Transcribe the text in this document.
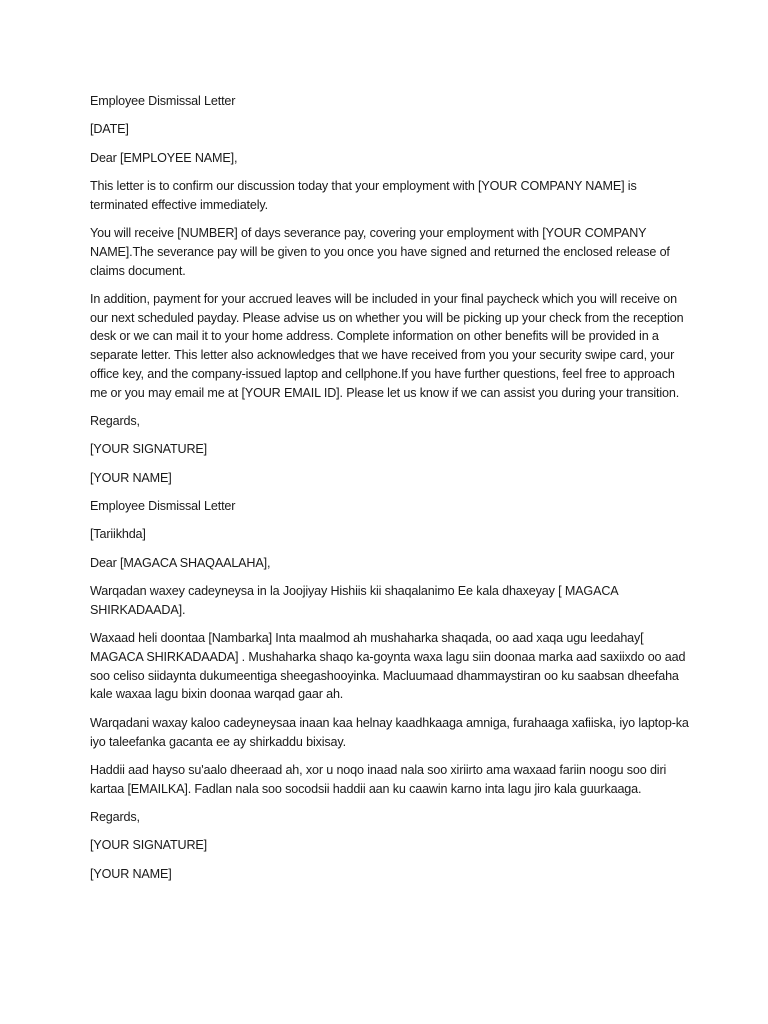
Employee Dismissal Letter

[DATE]

Dear [EMPLOYEE NAME],

This letter is to confirm our discussion today that your employment with [YOUR COMPANY NAME] is terminated effective immediately.

You will receive [NUMBER] of days severance pay, covering your employment with [YOUR COMPANY NAME].The severance pay will be given to you once you have signed and returned the enclosed release of claims document.

In addition, payment for your accrued leaves will be included in your final paycheck which you will receive on our next scheduled payday. Please advise us on whether you will be picking up your check from the reception desk or we can mail it to your home address. Complete information on other benefits will be provided in a separate letter. This letter also acknowledges that we have received from you your security swipe card, your office key, and the company-issued laptop and cellphone.If you have further questions, feel free to approach me or you may email me at [YOUR EMAIL ID]. Please let us know if we can assist you during your transition.

Regards,

[YOUR SIGNATURE]

[YOUR NAME]

Employee Dismissal Letter

[Tariikhda]

Dear [MAGACA SHAQAALAHA],

Warqadan waxey cadeyneysa in la Joojiyay Hishiis kii shaqalanimo Ee kala dhaxeyay [ MAGACA SHIRKADAADA].

Waxaad heli doontaa [Nambarka] Inta maalmod ah mushaharka shaqada, oo aad xaqa ugu leedahay[ MAGACA SHIRKADAADA] . Mushaharka shaqo ka-goynta waxa lagu siin doonaa marka aad saxiixdo oo aad soo celiso siidaynta dukumeentiga sheegashooyinka. Macluumaad dhammaystiran oo ku saabsan dheefaha kale waxaa lagu bixin doonaa warqad gaar ah.

Warqadani waxay kaloo cadeyneysaa inaan kaa helnay kaadhkaaga amniga, furahaaga xafiiska, iyo laptop-ka iyo taleefanka gacanta ee ay shirkaddu bixisay.

Haddii aad hayso su'aalo dheeraad ah, xor u noqo inaad nala soo xiriirto ama waxaad fariin noogu soo diri kartaa [EMAILKA]. Fadlan nala soo socodsii haddii aan ku caawin karno inta lagu jiro kala guurkaaga.

Regards,

[YOUR SIGNATURE]

[YOUR NAME]
